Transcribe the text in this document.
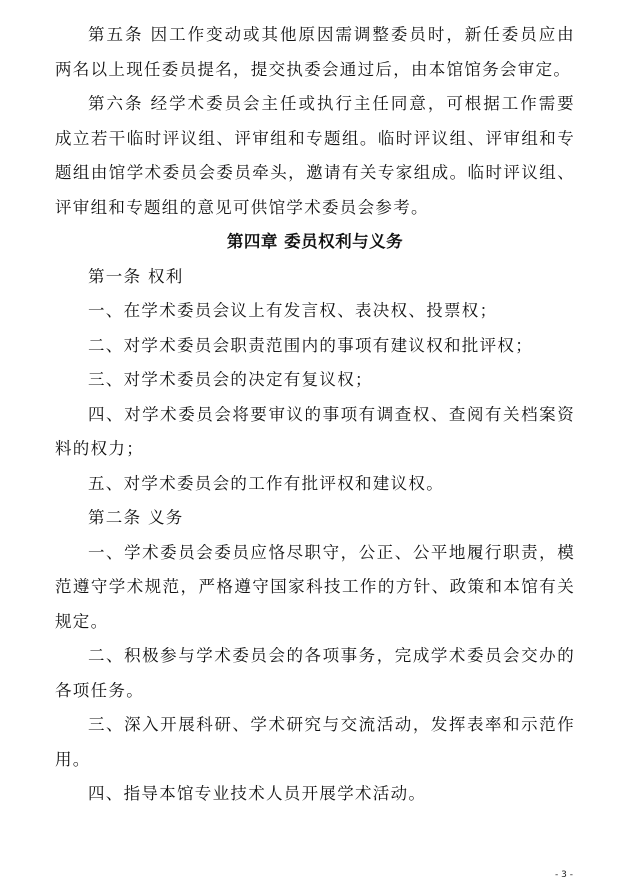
第五条 因工作变动或其他原因需调整委员时，新任委员应由两名以上现任委员提名，提交执委会通过后，由本馆馆务会审定。

第六条 经学术委员会主任或执行主任同意，可根据工作需要成立若干临时评议组、评审组和专题组。临时评议组、评审组和专题组由馆学术委员会委员牵头，邀请有关专家组成。临时评议组、评审组和专题组的意见可供馆学术委员会参考。

第四章 委员权利与义务

第一条 权利

一、在学术委员会议上有发言权、表决权、投票权；

二、对学术委员会职责范围内的事项有建议权和批评权；

三、对学术委员会的决定有复议权；

四、对学术委员会将要审议的事项有调查权、查阅有关档案资料的权力；

五、对学术委员会的工作有批评权和建议权。

第二条 义务

一、学术委员会委员应恪尽职守，公正、公平地履行职责，模范遵守学术规范，严格遵守国家科技工作的方针、政策和本馆有关规定。

二、积极参与学术委员会的各项事务，完成学术委员会交办的各项任务。

三、深入开展科研、学术研究与交流活动，发挥表率和示范作用。

四、指导本馆专业技术人员开展学术活动。

- 3 -
